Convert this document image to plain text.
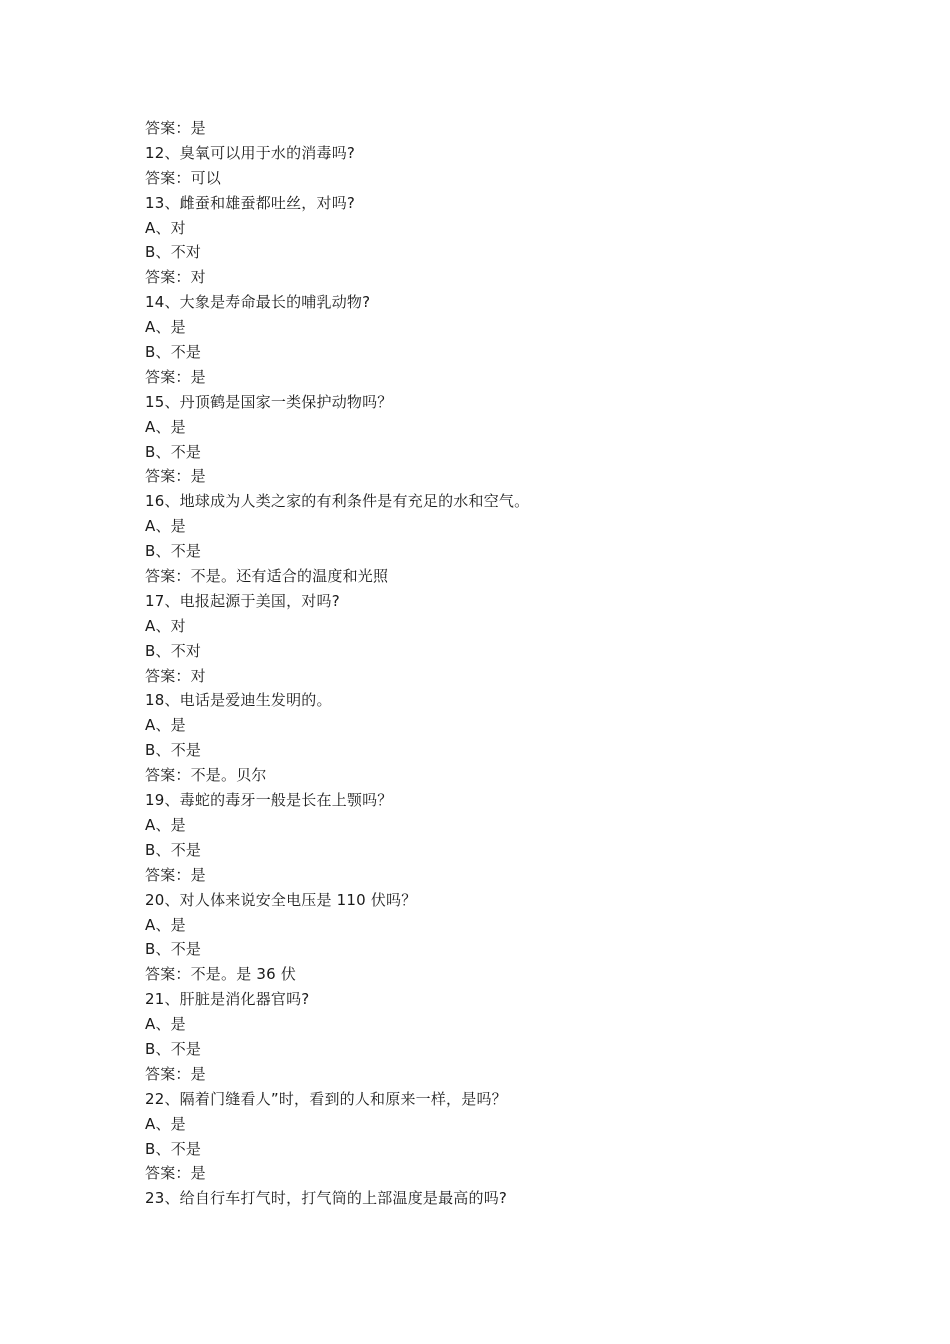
答案：是
12、臭氧可以用于水的消毒吗?
答案：可以
13、雌蚕和雄蚕都吐丝，对吗?
A、对
B、不对
答案：对
14、大象是寿命最长的哺乳动物?
A、是
B、不是
答案：是
15、丹顶鹤是国家一类保护动物吗？
A、是
B、不是
答案：是
16、地球成为人类之家的有利条件是有充足的水和空气。
A、是
B、不是
答案：不是。还有适合的温度和光照
17、电报起源于美国，对吗?
A、对
B、不对
答案：对
18、电话是爱迪生发明的。
A、是
B、不是
答案：不是。贝尔
19、毒蛇的毒牙一般是长在上颚吗？
A、是
B、不是
答案：是
20、对人体来说安全电压是 110 伏吗？
A、是
B、不是
答案：不是。是 36 伏
21、肝脏是消化器官吗?
A、是
B、不是
答案：是
22、隔着门缝看人”时，看到的人和原来一样，是吗？
A、是
B、不是
答案：是
23、给自行车打气时，打气筒的上部温度是最高的吗?
